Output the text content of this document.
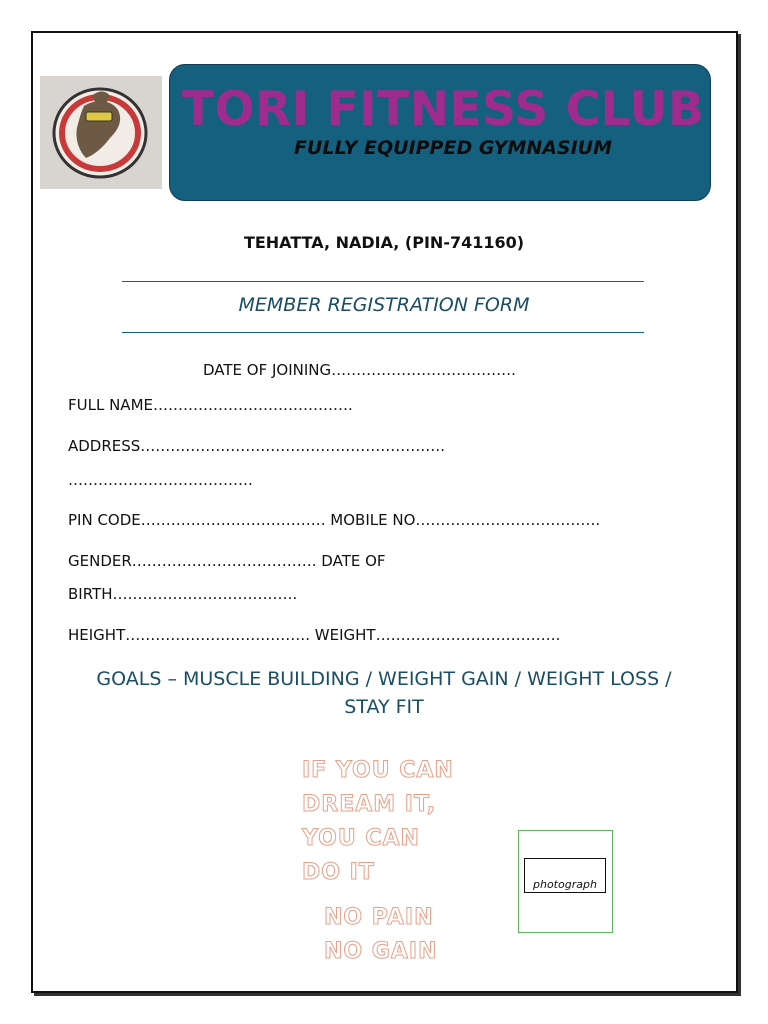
TORI FITNESS CLUB
FULLY EQUIPPED GYMNASIUM
TEHATTA, NADIA, (PIN-741160)
MEMBER REGISTRATION FORM
DATE OF JOINING……………………………….
FULL NAME………………………………….
ADDRESS…………………………………………………….
……………………………….
PIN CODE………………………………. MOBILE NO……………………………….
GENDER………………………………. DATE OF
BIRTH……………………………….
HEIGHT………………………………. WEIGHT……………………………….
GOALS – MUSCLE BUILDING / WEIGHT GAIN / WEIGHT LOSS /
STAY FIT
IF YOU CAN
DREAM IT,
YOU CAN
DO IT
NO PAIN
NO GAIN
photograph
